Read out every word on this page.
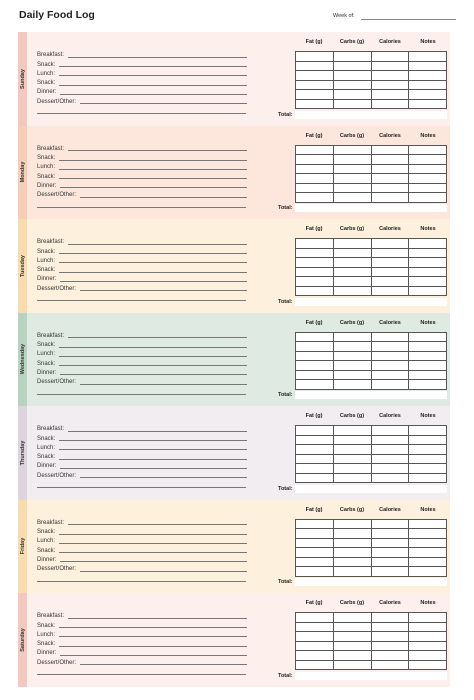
Daily Food Log	Week of:
Sunday
Breakfast:
Snack:
Lunch:
Snack:
Dinner:
Dessert/Other:
Fat (g)	Carbs (g)	Calories	Notes

Total:
Monday
Breakfast:
Snack:
Lunch:
Snack:
Dinner:
Dessert/Other:
Fat (g)	Carbs (g)	Calories	Notes

Total:
Tuesday
Breakfast:
Snack:
Lunch:
Snack:
Dinner:
Dessert/Other:
Fat (g)	Carbs (g)	Calories	Notes

Total:
Wednesday
Breakfast:
Snack:
Lunch:
Snack:
Dinner:
Dessert/Other:
Fat (g)	Carbs (g)	Calories	Notes

Total:
Thursday
Breakfast:
Snack:
Lunch:
Snack:
Dinner:
Dessert/Other:
Fat (g)	Carbs (g)	Calories	Notes

Total:
Friday
Breakfast:
Snack:
Lunch:
Snack:
Dinner:
Dessert/Other:
Fat (g)	Carbs (g)	Calories	Notes

Total:
Saturday
Breakfast:
Snack:
Lunch:
Snack:
Dinner:
Dessert/Other:
Fat (g)	Carbs (g)	Calories	Notes

Total:
